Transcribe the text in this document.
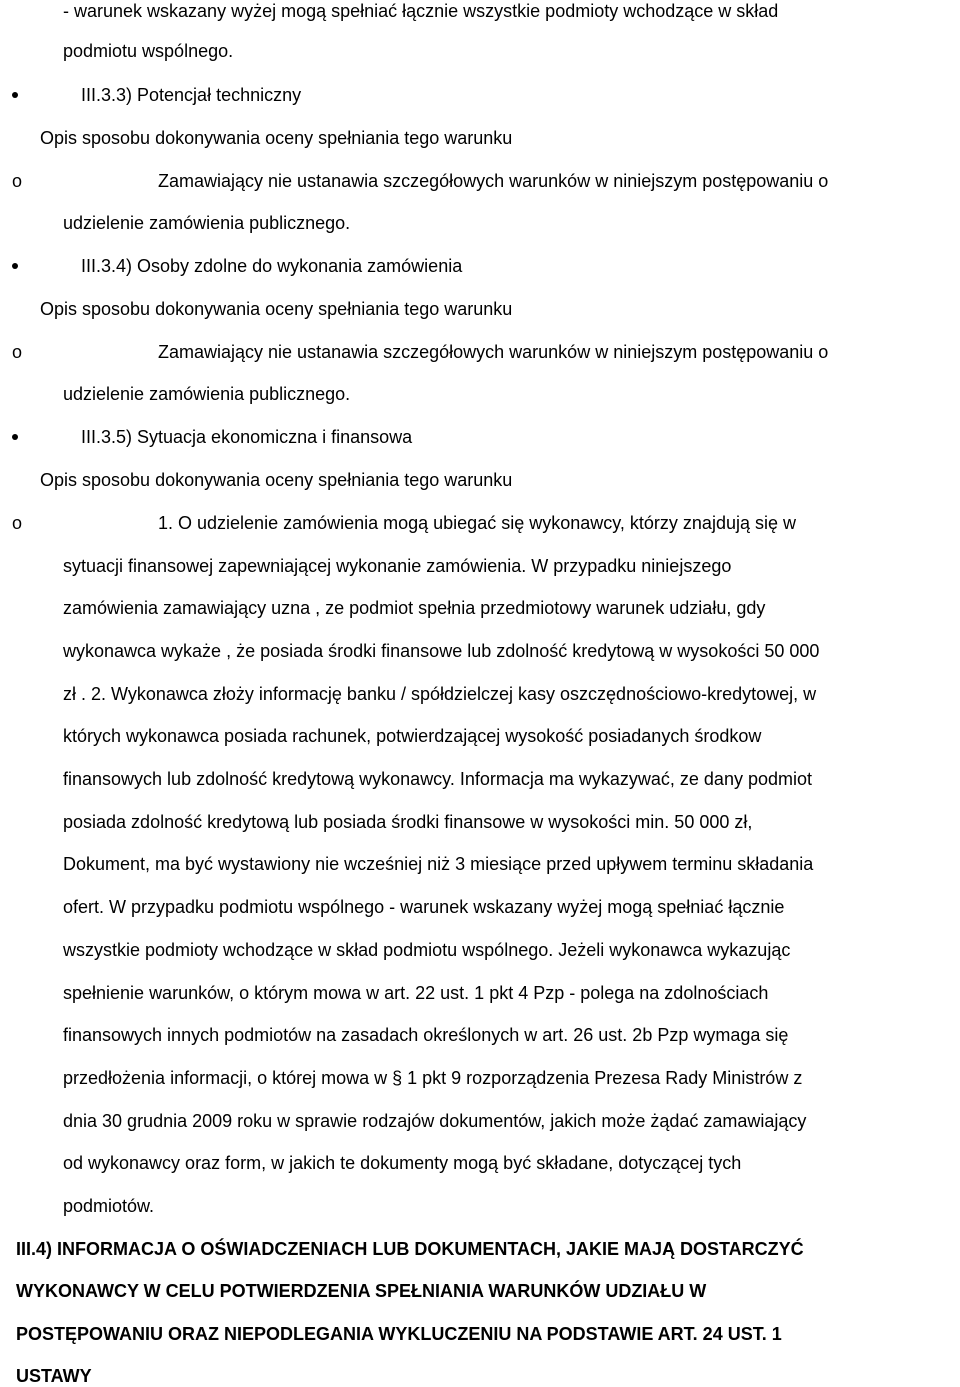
- warunek wskazany wyżej mogą spełniać łącznie wszystkie podmioty wchodzące w skład
podmiotu wspólnego.
III.3.3) Potencjał techniczny
Opis sposobu dokonywania oceny spełniania tego warunku
o	Zamawiający nie ustanawia szczegółowych warunków w niniejszym postępowaniu o
udzielenie zamówienia publicznego.
III.3.4) Osoby zdolne do wykonania zamówienia
Opis sposobu dokonywania oceny spełniania tego warunku
o	Zamawiający nie ustanawia szczegółowych warunków w niniejszym postępowaniu o
udzielenie zamówienia publicznego.
III.3.5) Sytuacja ekonomiczna i finansowa
Opis sposobu dokonywania oceny spełniania tego warunku
o	1. O udzielenie zamówienia mogą ubiegać się wykonawcy, którzy znajdują się w
sytuacji finansowej zapewniającej wykonanie zamówienia. W przypadku niniejszego
zamówienia zamawiający uzna , ze podmiot spełnia przedmiotowy warunek udziału, gdy
wykonawca wykaże , że posiada środki finansowe lub zdolność kredytową w wysokości 50 000
zł . 2. Wykonawca złoży informację banku / spółdzielczej kasy oszczędnościowo-kredytowej, w
których wykonawca posiada rachunek, potwierdzającej wysokość posiadanych środkow
finansowych lub zdolność kredytową wykonawcy. Informacja ma wykazywać, ze dany podmiot
posiada zdolność kredytową lub posiada środki finansowe w wysokości min. 50 000 zł,
Dokument, ma być wystawiony nie wcześniej niż 3 miesiące przed upływem terminu składania
ofert. W przypadku podmiotu wspólnego - warunek wskazany wyżej mogą spełniać łącznie
wszystkie podmioty wchodzące w skład podmiotu wspólnego. Jeżeli wykonawca wykazując
spełnienie warunków, o którym mowa w art. 22 ust. 1 pkt 4 Pzp - polega na zdolnościach
finansowych innych podmiotów na zasadach określonych w art. 26 ust. 2b Pzp wymaga się
przedłożenia informacji, o której mowa w § 1 pkt 9 rozporządzenia Prezesa Rady Ministrów z
dnia 30 grudnia 2009 roku w sprawie rodzajów dokumentów, jakich może żądać zamawiający
od wykonawcy oraz form, w jakich te dokumenty mogą być składane, dotyczącej tych
podmiotów.
III.4) INFORMACJA O OŚWIADCZENIACH LUB DOKUMENTACH, JAKIE MAJĄ DOSTARCZYĆ
WYKONAWCY W CELU POTWIERDZENIA SPEŁNIANIA WARUNKÓW UDZIAŁU W
POSTĘPOWANIU ORAZ NIEPODLEGANIA WYKLUCZENIU NA PODSTAWIE ART. 24 UST. 1
USTAWY
